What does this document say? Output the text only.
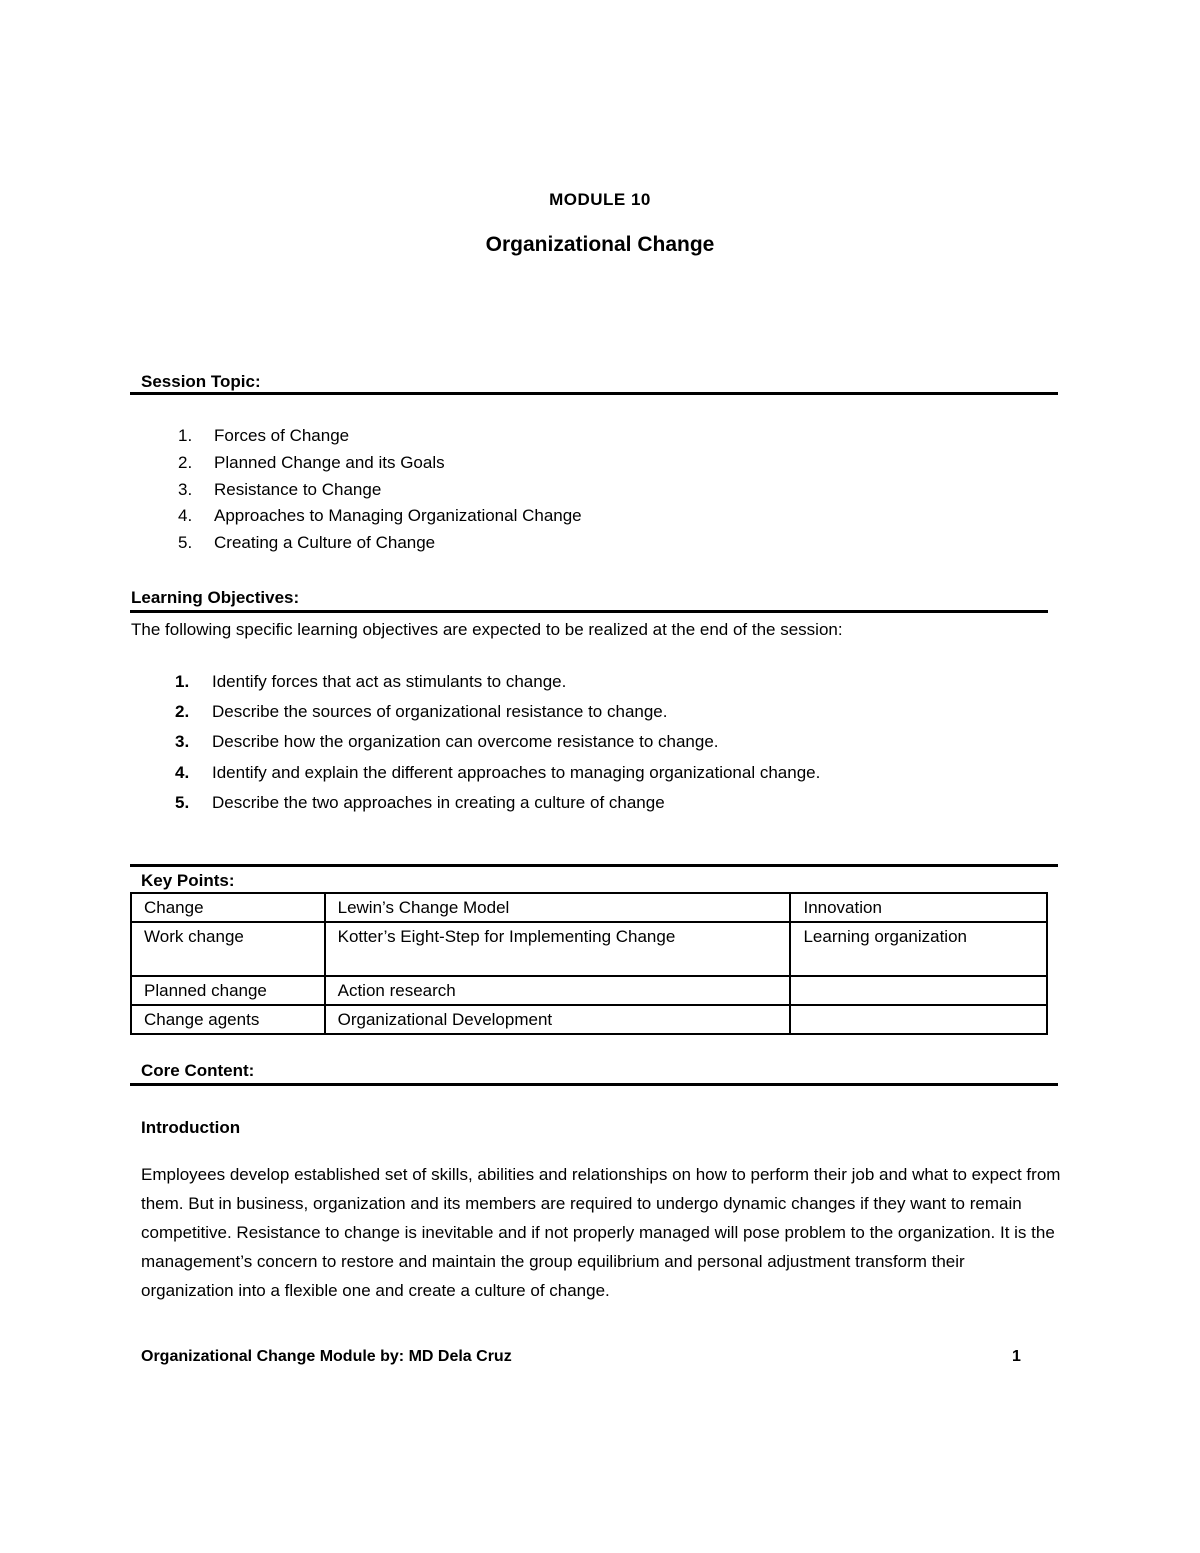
MODULE 10
Organizational Change
Session Topic:
1. Forces of Change
2. Planned Change and its Goals
3. Resistance to Change
4. Approaches to Managing Organizational Change
5. Creating a Culture of Change
Learning Objectives:
The following specific learning objectives are expected to be realized at the end of the session:
1. Identify forces that act as stimulants to change.
2. Describe the sources of organizational resistance to change.
3. Describe how the organization can overcome resistance to change.
4. Identify and explain the different approaches to managing organizational change.
5. Describe the two approaches in creating a culture of change
Key Points:
Change	Lewin’s Change Model	Innovation
Work change	Kotter’s Eight-Step for Implementing Change	Learning organization
Planned change	Action research	
Change agents	Organizational Development	
Core Content:
Introduction
Employees develop established set of skills, abilities and relationships on how to perform their job and what to expect from them. But in business, organization and its members are required to undergo dynamic changes if they want to remain competitive. Resistance to change is inevitable and if not properly managed will pose problem to the organization. It is the management’s concern to restore and maintain the group equilibrium and personal adjustment transform their organization into a flexible one and create a culture of change.
Organizational Change Module by: MD Dela Cruz	1
